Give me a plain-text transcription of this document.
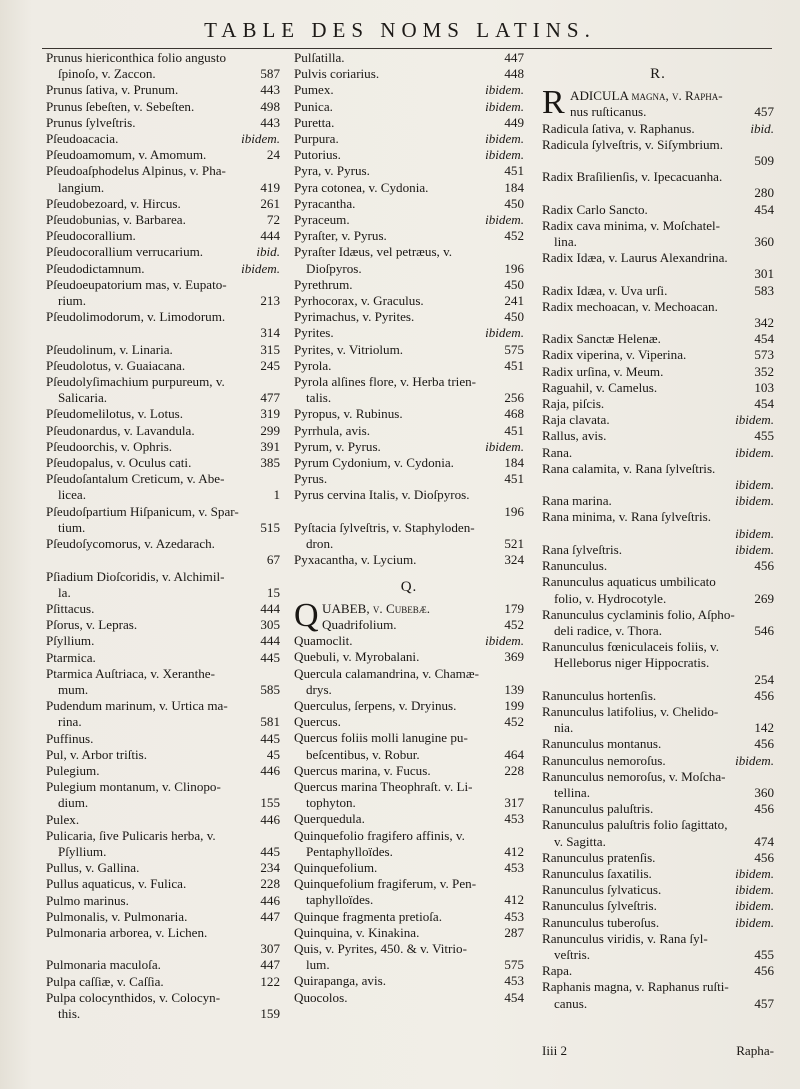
TABLE DES NOMS LATINS.
Prunus hiericonthica folio angusto
ſpinoſo, v. Zaccon.	587
Prunus ſativa, v. Prunum.	443
Prunus ſebeſten, v. Sebeſten.	498
Prunus ſylveſtris.	443
Pſeudoacacia.	ibidem.
Pſeudoamomum, v. Amomum.	24
Pſeudoaſphodelus Alpinus, v. Pha-
langium.	419
Pſeudobezoard, v. Hircus.	261
Pſeudobunias, v. Barbarea.	72
Pſeudocorallium.	444
Pſeudocorallium verrucarium.	ibid.
Pſeudodictamnum.	ibidem.
Pſeudoeupatorium mas, v. Eupato-
rium.	213
Pſeudolimodorum, v. Limodorum.
314
Pſeudolinum, v. Linaria.	315
Pſeudolotus, v. Guaiacana.	245
Pſeudolyſimachium purpureum, v.
Salicaria.	477
Pſeudomelilotus, v. Lotus.	319
Pſeudonardus, v. Lavandula.	299
Pſeudoorchis, v. Ophris.	391
Pſeudopalus, v. Oculus cati.	385
Pſeudoſantalum Creticum, v. Abe-
licea.	1
Pſeudoſpartium Hiſpanicum, v. Spar-
tium.	515
Pſeudoſycomorus, v. Azedarach.
67
Pſiadium Dioſcoridis, v. Alchimil-
la.	15
Pſittacus.	444
Pſorus, v. Lepras.	305
Pſyllium.	444
Ptarmica.	445
Ptarmica Auſtriaca, v. Xeranthe-
mum.	585
Pudendum marinum, v. Urtica ma-
rina.	581
Puffinus.	445
Pul, v. Arbor triſtis.	45
Pulegium.	446
Pulegium montanum, v. Clinopo-
dium.	155
Pulex.	446
Pulicaria, ſive Pulicaris herba, v.
Pſyllium.	445
Pullus, v. Gallina.	234
Pullus aquaticus, v. Fulica.	228
Pulmo marinus.	446
Pulmonalis, v. Pulmonaria.	447
Pulmonaria arborea, v. Lichen.
307
Pulmonaria maculoſa.	447
Pulpa caſſiæ, v. Caſſia.	122
Pulpa colocynthidos, v. Colocyn-
this.	159
Pulſatilla.	447
Pulvis coriarius.	448
Pumex.	ibidem.
Punica.	ibidem.
Puretta.	449
Purpura.	ibidem.
Putorius.	ibidem.
Pyra, v. Pyrus.	451
Pyra cotonea, v. Cydonia.	184
Pyracantha.	450
Pyraceum.	ibidem.
Pyraſter, v. Pyrus.	452
Pyraſter Idæus, vel petræus, v.
Dioſpyros.	196
Pyrethrum.	450
Pyrhocorax, v. Graculus.	241
Pyrimachus, v. Pyrites.	450
Pyrites.	ibidem.
Pyrites, v. Vitriolum.	575
Pyrola.	451
Pyrola alſines flore, v. Herba trien-
talis.	256
Pyropus, v. Rubinus.	468
Pyrrhula, avis.	451
Pyrum, v. Pyrus.	ibidem.
Pyrum Cydonium, v. Cydonia.	184
Pyrus.	451
Pyrus cervina Italis, v. Dioſpyros.
196
Pyſtacia ſylveſtris, v. Staphyloden-
dron.	521
Pyxacantha, v. Lycium.	324
Q.
Q UABEB, v. Cubebæ.	179
Quadrifolium.	452
Quamoclit.	ibidem.
Quebuli, v. Myrobalani.	369
Quercula calamandrina, v. Chamæ-
drys.	139
Querculus, ſerpens, v. Dryinus.	199
Quercus.	452
Quercus foliis molli lanugine pu-
beſcentibus, v. Robur.	464
Quercus marina, v. Fucus.	228
Quercus marina Theophraſt. v. Li-
tophyton.	317
Querquedula.	453
Quinquefolio fragifero affinis, v.
Pentaphylloïdes.	412
Quinquefolium.	453
Quinquefolium fragiferum, v. Pen-
taphylloïdes.	412
Quinque fragmenta pretioſa.	453
Quinquina, v. Kinakina.	287
Quis, v. Pyrites, 450. & v. Vitrio-
lum.	575
Quirapanga, avis.	453
Quocolos.	454
R.
R ADICULA magna, v. Rapha-
nus ruſticanus.	457
Radicula ſativa, v. Raphanus.	ibid.
Radicula ſylveſtris, v. Siſymbrium.
509
Radix Braſilienſis, v. Ipecacuanha.
280
Radix Carlo Sancto.	454
Radix cava minima, v. Moſchatel-
lina.	360
Radix Idæa, v. Laurus Alexandrina.
301
Radix Idæa, v. Uva urſi.	583
Radix mechoacan, v. Mechoacan.
342
Radix Sanctæ Helenæ.	454
Radix viperina, v. Viperina.	573
Radix urſina, v. Meum.	352
Raguahil, v. Camelus.	103
Raja, piſcis.	454
Raja clavata.	ibidem.
Rallus, avis.	455
Rana.	ibidem.
Rana calamita, v. Rana ſylveſtris.
ibidem.
Rana marina.	ibidem.
Rana minima, v. Rana ſylveſtris.
ibidem.
Rana ſylveſtris.	ibidem.
Ranunculus.	456
Ranunculus aquaticus umbilicato
folio, v. Hydrocotyle.	269
Ranunculus cyclaminis folio, Aſpho-
deli radice, v. Thora.	546
Ranunculus fœniculaceis foliis, v.
Helleborus niger Hippocratis.
254
Ranunculus hortenſis.	456
Ranunculus latifolius, v. Chelido-
nia.	142
Ranunculus montanus.	456
Ranunculus nemoroſus.	ibidem.
Ranunculus nemoroſus, v. Moſcha-
tellina.	360
Ranunculus paluſtris.	456
Ranunculus paluſtris folio ſagittato,
v. Sagitta.	474
Ranunculus pratenſis.	456
Ranunculus ſaxatilis.	ibidem.
Ranunculus ſylvaticus.	ibidem.
Ranunculus ſylveſtris.	ibidem.
Ranunculus tuberoſus.	ibidem.
Ranunculus viridis, v. Rana ſyl-
veſtris.	455
Rapa.	456
Raphanis magna, v. Raphanus ruſti-
canus.	457
Iiii 2	Rapha-
